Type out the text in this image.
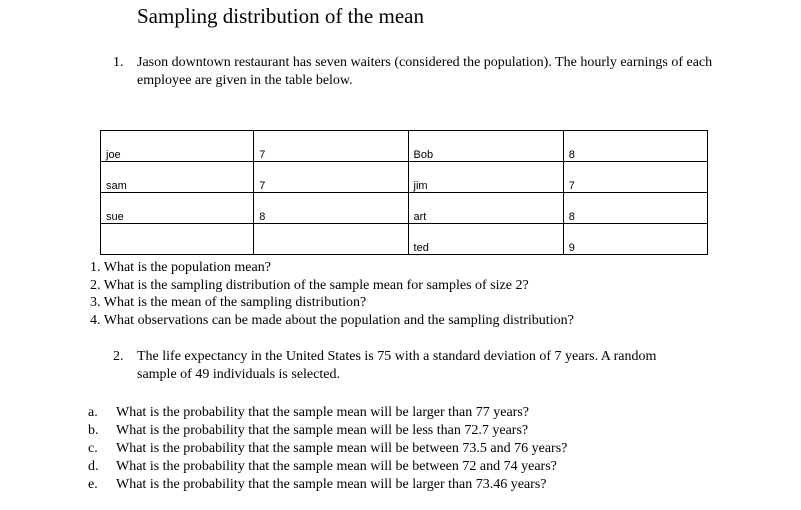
Sampling distribution of the mean
1. Jason downtown restaurant has seven waiters (considered the population). The hourly earnings of each employee are given in the table below.
joe	7	Bob	8
sam	7	jim	7
sue	8	art	8
		ted	9
1. What is the population mean?
2. What is the sampling distribution of the sample mean for samples of size 2?
3. What is the mean of the sampling distribution?
4. What observations can be made about the population and the sampling distribution?
2. The life expectancy in the United States is 75 with a standard deviation of 7 years. A random sample of 49 individuals is selected.
a. What is the probability that the sample mean will be larger than 77 years?
b. What is the probability that the sample mean will be less than 72.7 years?
c. What is the probability that the sample mean will be between 73.5 and 76 years?
d. What is the probability that the sample mean will be between 72 and 74 years?
e. What is the probability that the sample mean will be larger than 73.46 years?
